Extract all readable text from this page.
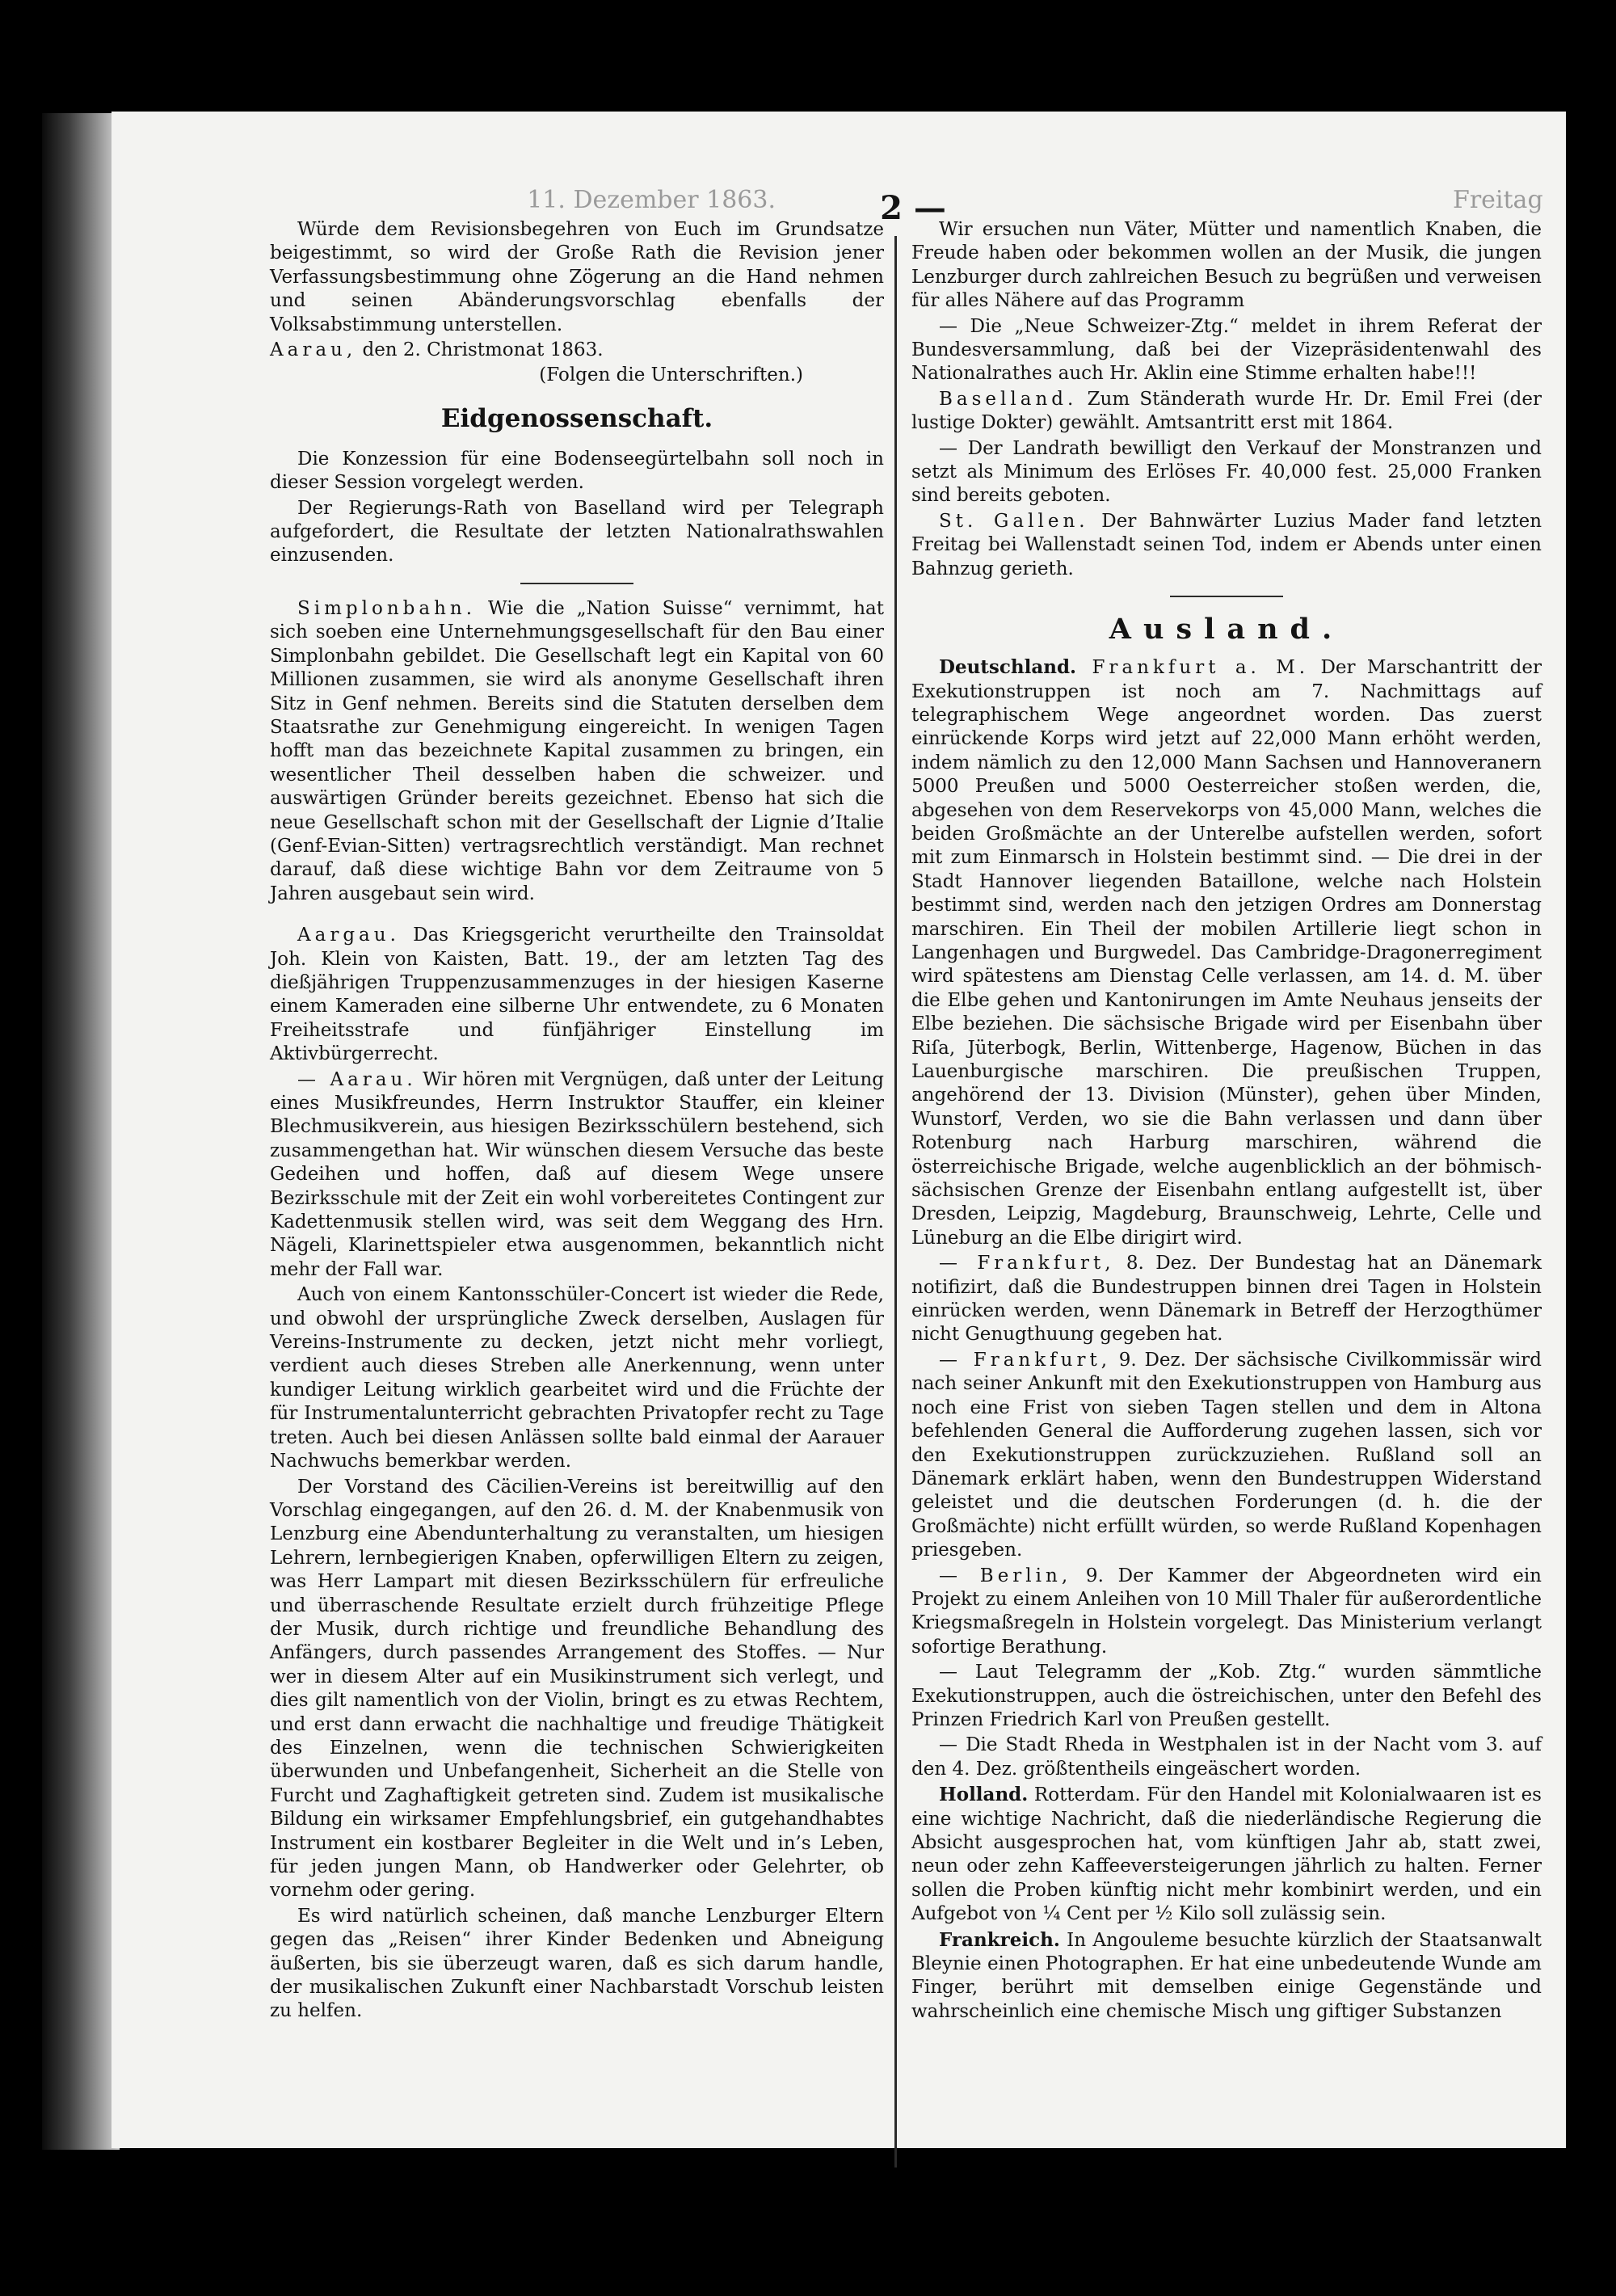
11. Dezember 1863.	Freitag
2 —

Würde dem Revisionsbegehren von Euch im Grundsatze beigestimmt, so wird der Große Rath die Revision jener Verfassungsbestimmung ohne Zögerung an die Hand nehmen und seinen Abänderungsvorschlag ebenfalls der Volksabstimmung unterstellen.

Aarau, den 2. Christmonat 1863.

(Folgen die Unterschriften.)

Eidgenossenschaft.

Die Konzession für eine Bodenseegürtelbahn soll noch in dieser Session vorgelegt werden.

Der Regierungs-Rath von Baselland wird per Telegraph aufgefordert, die Resultate der letzten Nationalrathswahlen einzusenden.

Simplonbahn. Wie die „Nation Suisse“ vernimmt, hat sich soeben eine Unternehmungsgesellschaft für den Bau einer Simplonbahn gebildet. Die Gesellschaft legt ein Kapital von 60 Millionen zusammen, sie wird als anonyme Gesellschaft ihren Sitz in Genf nehmen. Bereits sind die Statuten derselben dem Staatsrathe zur Genehmigung eingereicht. In wenigen Tagen hofft man das bezeichnete Kapital zusammen zu bringen, ein wesentlicher Theil desselben haben die schweizer. und auswärtigen Gründer bereits gezeichnet. Ebenso hat sich die neue Gesellschaft schon mit der Gesellschaft der Lignie d’Italie (Genf-Evian-Sitten) vertragsrechtlich verständigt. Man rechnet darauf, daß diese wichtige Bahn vor dem Zeitraume von 5 Jahren ausgebaut sein wird.

Aargau. Das Kriegsgericht verurtheilte den Trainsoldat Joh. Klein von Kaisten, Batt. 19., der am letzten Tag des dießjährigen Truppenzusammenzuges in der hiesigen Kaserne einem Kameraden eine silberne Uhr entwendete, zu 6 Monaten Freiheitsstrafe und fünfjähriger Einstellung im Aktivbürgerrecht.

— Aarau. Wir hören mit Vergnügen, daß unter der Leitung eines Musikfreundes, Herrn Instruktor Stauffer, ein kleiner Blechmusikverein, aus hiesigen Bezirksschülern bestehend, sich zusammengethan hat. Wir wünschen diesem Versuche das beste Gedeihen und hoffen, daß auf diesem Wege unsere Bezirksschule mit der Zeit ein wohl vorbereitetes Contingent zur Kadettenmusik stellen wird, was seit dem Weggang des Hrn. Nägeli, Klarinettspieler etwa ausgenommen, bekanntlich nicht mehr der Fall war.

Auch von einem Kantonsschüler-Concert ist wieder die Rede, und obwohl der ursprüngliche Zweck derselben, Auslagen für Vereins-Instrumente zu decken, jetzt nicht mehr vorliegt, verdient auch dieses Streben alle Anerkennung, wenn unter kundiger Leitung wirklich gearbeitet wird und die Früchte der für Instrumentalunterricht gebrachten Privatopfer recht zu Tage treten. Auch bei diesen Anlässen sollte bald einmal der Aarauer Nachwuchs bemerkbar werden.

Der Vorstand des Cäcilien-Vereins ist bereitwillig auf den Vorschlag eingegangen, auf den 26. d. M. der Knabenmusik von Lenzburg eine Abendunterhaltung zu veranstalten, um hiesigen Lehrern, lernbegierigen Knaben, opferwilligen Eltern zu zeigen, was Herr Lampart mit diesen Bezirksschülern für erfreuliche und überraschende Resultate erzielt durch frühzeitige Pflege der Musik, durch richtige und freundliche Behandlung des Anfängers, durch passendes Arrangement des Stoffes. — Nur wer in diesem Alter auf ein Musikinstrument sich verlegt, und dies gilt namentlich von der Violin, bringt es zu etwas Rechtem, und erst dann erwacht die nachhaltige und freudige Thätigkeit des Einzelnen, wenn die technischen Schwierigkeiten überwunden und Unbefangenheit, Sicherheit an die Stelle von Furcht und Zaghaftigkeit getreten sind. Zudem ist musikalische Bildung ein wirksamer Empfehlungsbrief, ein gutgehandhabtes Instrument ein kostbarer Begleiter in die Welt und in’s Leben, für jeden jungen Mann, ob Handwerker oder Gelehrter, ob vornehm oder gering.

Es wird natürlich scheinen, daß manche Lenzburger Eltern gegen das „Reisen“ ihrer Kinder Bedenken und Abneigung äußerten, bis sie überzeugt waren, daß es sich darum handle, der musikalischen Zukunft einer Nachbarstadt Vorschub leisten zu helfen.

Wir ersuchen nun Väter, Mütter und namentlich Knaben, die Freude haben oder bekommen wollen an der Musik, die jungen Lenzburger durch zahlreichen Besuch zu begrüßen und verweisen für alles Nähere auf das Programm

— Die „Neue Schweizer-Ztg.“ meldet in ihrem Referat der Bundesversammlung, daß bei der Vizepräsidentenwahl des Nationalrathes auch Hr. Aklin eine Stimme erhalten habe!!!

Baselland. Zum Ständerath wurde Hr. Dr. Emil Frei (der lustige Dokter) gewählt. Amtsantritt erst mit 1864.

— Der Landrath bewilligt den Verkauf der Monstranzen und setzt als Minimum des Erlöses Fr. 40,000 fest. 25,000 Franken sind bereits geboten.

St. Gallen. Der Bahnwärter Luzius Mader fand letzten Freitag bei Wallenstadt seinen Tod, indem er Abends unter einen Bahnzug gerieth.

Ausland.

Deutschland. Frankfurt a. M. Der Marschantritt der Exekutionstruppen ist noch am 7. Nachmittags auf telegraphischem Wege angeordnet worden. Das zuerst einrückende Korps wird jetzt auf 22,000 Mann erhöht werden, indem nämlich zu den 12,000 Mann Sachsen und Hannoveranern 5000 Preußen und 5000 Oesterreicher stoßen werden, die, abgesehen von dem Reservekorps von 45,000 Mann, welches die beiden Großmächte an der Unterelbe aufstellen werden, sofort mit zum Einmarsch in Holstein bestimmt sind. — Die drei in der Stadt Hannover liegenden Bataillone, welche nach Holstein bestimmt sind, werden nach den jetzigen Ordres am Donnerstag marschiren. Ein Theil der mobilen Artillerie liegt schon in Langenhagen und Burgwedel. Das Cambridge-Dragonerregiment wird spätestens am Dienstag Celle verlassen, am 14. d. M. über die Elbe gehen und Kantonirungen im Amte Neuhaus jenseits der Elbe beziehen. Die sächsische Brigade wird per Eisenbahn über Riſa, Jüterbogk, Berlin, Wittenberge, Hagenow, Büchen in das Lauenburgische marschiren. Die preußischen Truppen, angehörend der 13. Division (Münster), gehen über Minden, Wunstorf, Verden, wo sie die Bahn verlassen und dann über Rotenburg nach Harburg marschiren, während die österreichische Brigade, welche augenblicklich an der böhmisch-sächsischen Grenze der Eisenbahn entlang aufgestellt ist, über Dresden, Leipzig, Magdeburg, Braunschweig, Lehrte, Celle und Lüneburg an die Elbe dirigirt wird.

— Frankfurt, 8. Dez. Der Bundestag hat an Dänemark notifizirt, daß die Bundestruppen binnen drei Tagen in Holstein einrücken werden, wenn Dänemark in Betreff der Herzogthümer nicht Genugthuung gegeben hat.

— Frankfurt, 9. Dez. Der sächsische Civilkommissär wird nach seiner Ankunft mit den Exekutionstruppen von Hamburg aus noch eine Frist von sieben Tagen stellen und dem in Altona befehlenden General die Aufforderung zugehen lassen, sich vor den Exekutionstruppen zurückzuziehen. Rußland soll an Dänemark erklärt haben, wenn den Bundestruppen Widerstand geleistet und die deutschen Forderungen (d. h. die der Großmächte) nicht erfüllt würden, so werde Rußland Kopenhagen priesgeben.

— Berlin, 9. Der Kammer der Abgeordneten wird ein Projekt zu einem Anleihen von 10 Mill Thaler für außerordentliche Kriegsmaßregeln in Holstein vorgelegt. Das Ministerium verlangt sofortige Berathung.

— Laut Telegramm der „Kob. Ztg.“ wurden sämmtliche Exekutionstruppen, auch die östreichischen, unter den Befehl des Prinzen Friedrich Karl von Preußen gestellt.

— Die Stadt Rheda in Westphalen ist in der Nacht vom 3. auf den 4. Dez. größtentheils eingeäschert worden.

Holland. Rotterdam. Für den Handel mit Kolonialwaaren ist es eine wichtige Nachricht, daß die niederländische Regierung die Absicht ausgesprochen hat, vom künftigen Jahr ab, statt zwei, neun oder zehn Kaffeeversteigerungen jährlich zu halten. Ferner sollen die Proben künftig nicht mehr kombinirt werden, und ein Aufgebot von ¼ Cent per ½ Kilo soll zulässig sein.

Frankreich. In Angouleme besuchte kürzlich der Staatsanwalt Bleynie einen Photographen. Er hat eine unbedeutende Wunde am Finger, berührt mit demselben einige Gegenstände und wahrscheinlich eine chemische Misch ung giftiger Substanzen
